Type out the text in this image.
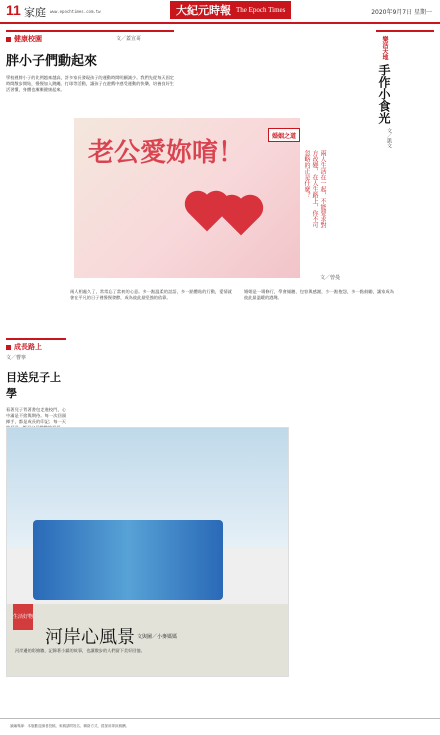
11 家庭 www.epochtimes.com.tw	大紀元時報 The Epoch Times	2020年9月7日 星期一
健康校園	文／蓋宣哥
胖小子們動起來

學校裡胖小子的比例越來越高，許多家長發現孩子的運動時間明顯減少。我們先從每天固定時間散步開始，慢慢加入跳繩、打球等活動，讓孩子在遊戲中感受運動的快樂，培養良好生活習慣，身體也漸漸健康起來。

樂活天地
手作小食光
文／凱文
老公愛妳唷！
婚姻之道
兩人生活在一起，不能要求對方改變，在人生路上，你不可忽略的正是什麼？
兩人相處久了，常常忘了當初的心意。多一點溫柔的話語，多一點體貼的行動，愛情就會在平凡的日子裡慢慢發酵，成為彼此最堅強的依靠。
婚姻是一場修行，學會傾聽、包容與感謝，少一點抱怨，多一點鼓勵，讓家成為彼此最溫暖的港灣。
文／曾曼
成長路上
文／曹寧
目送兒子上學

看著兒子背著書包走進校門，心中滿是不捨與期待。每一次回頭揮手，都是成長的印記；每一天

河岸心風景 文與圖／小麥媽媽
生活好物

河岸邊的彩繪牆，記錄著小鎮的故事，也讓散步的人們留下美好回憶。

讀編專線：本版歡迎讀者投稿，來稿請附姓名、聯絡方式，經採用即致稿酬。
